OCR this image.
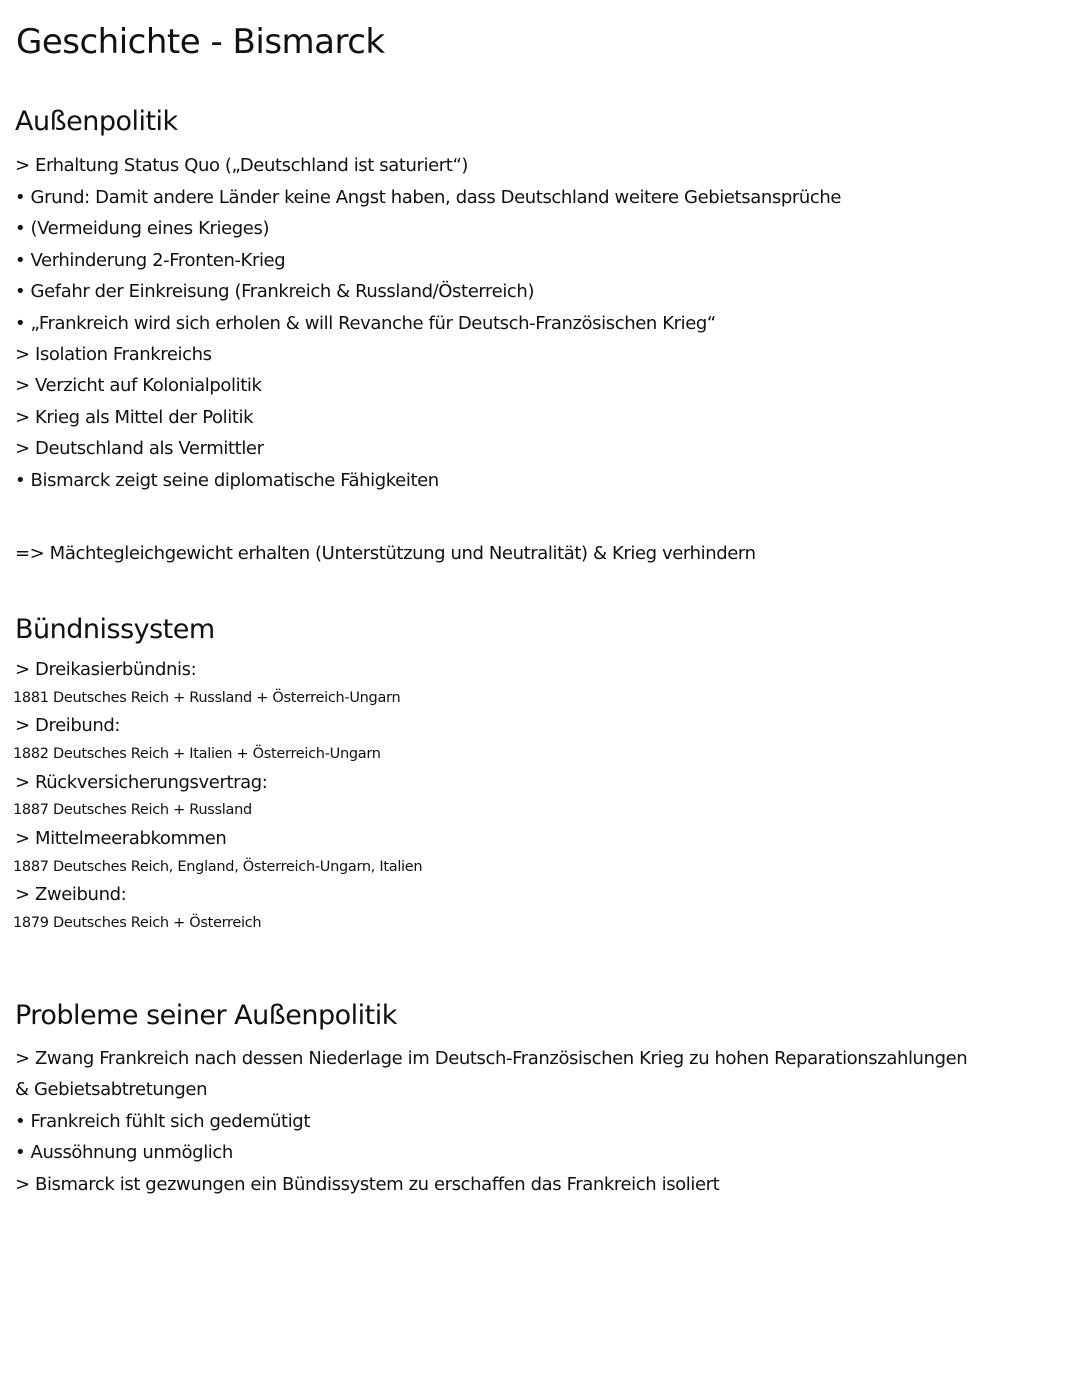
Geschichte - Bismarck
Außenpolitik
> Erhaltung Status Quo („Deutschland ist saturiert“)
• Grund: Damit andere Länder keine Angst haben, dass Deutschland weitere Gebietsansprüche
• (Vermeidung eines Krieges)
• Verhinderung 2-Fronten-Krieg
• Gefahr der Einkreisung (Frankreich & Russland/Österreich)
• „Frankreich wird sich erholen & will Revanche für Deutsch-Französischen Krieg“
> Isolation Frankreichs
> Verzicht auf Kolonialpolitik
> Krieg als Mittel der Politik
> Deutschland als Vermittler
• Bismarck zeigt seine diplomatische Fähigkeiten
=> Mächtegleichgewicht erhalten (Unterstützung und Neutralität) & Krieg verhindern
Bündnissystem
> Dreikasierbündnis:
1881 Deutsches Reich + Russland + Österreich-Ungarn
> Dreibund:
1882 Deutsches Reich + Italien + Österreich-Ungarn
> Rückversicherungsvertrag:
1887 Deutsches Reich + Russland
> Mittelmeerabkommen
1887 Deutsches Reich, England, Österreich-Ungarn, Italien
> Zweibund:
1879 Deutsches Reich + Österreich
Probleme seiner Außenpolitik
> Zwang Frankreich nach dessen Niederlage im Deutsch-Französischen Krieg zu hohen Reparationszahlungen
& Gebietsabtretungen
• Frankreich fühlt sich gedemütigt
• Aussöhnung unmöglich
> Bismarck ist gezwungen ein Bündissystem zu erschaffen das Frankreich isoliert
